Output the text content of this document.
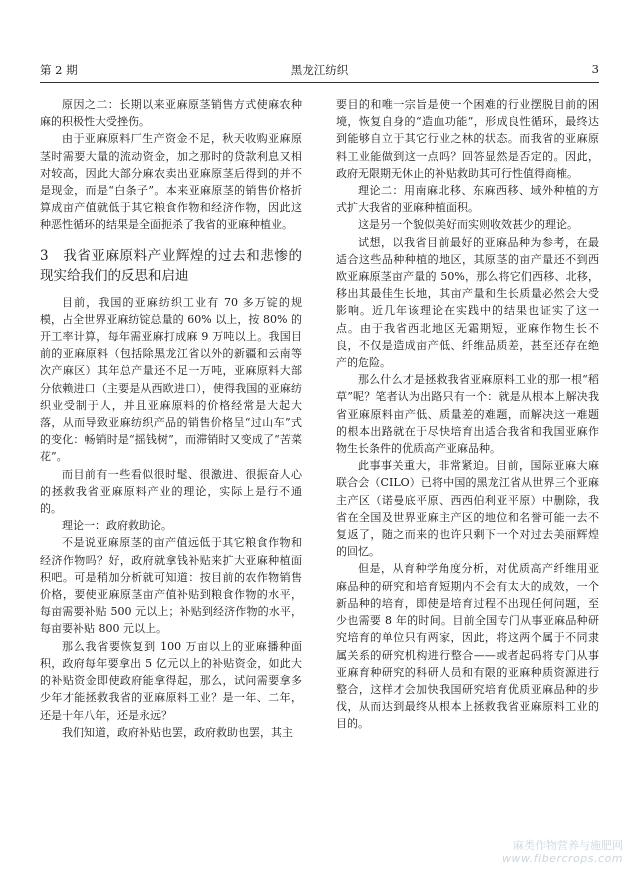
第 2 期	黑龙江纺织	3

原因之二：长期以来亚麻原茎销售方式使麻农种麻的积极性大受挫伤。

由于亚麻原料厂生产资金不足，秋天收购亚麻原茎时需要大量的流动资金，加之那时的贷款利息又相对较高，因此大部分麻农卖出亚麻原茎后得到的并不是现金，而是“白条子”。本来亚麻原茎的销售价格折算成亩产值就低于其它粮食作物和经济作物，因此这种恶性循环的结果是全面扼杀了我省的亚麻种植业。

3　我省亚麻原料产业辉煌的过去和悲惨的现实给我们的反思和启迪

目前，我国的亚麻纺织工业有 70 多万锭的规模，占全世界亚麻纺锭总量的 60% 以上，按 80% 的开工率计算，每年需亚麻打成麻 9 万吨以上。我国目前的亚麻原料（包括除黑龙江省以外的新疆和云南等次产麻区）其年总产量还不足一万吨，亚麻原料大部分依赖进口（主要是从西欧进口），使得我国的亚麻纺织业受制于人，并且亚麻原料的价格经常是大起大落，从而导致亚麻纺织产品的销售价格呈“过山车”式的变化：畅销时是“摇钱树”，而滞销时又变成了“苦菜花”。

而目前有一些看似很时髦、很激进、很振奋人心的拯救我省亚麻原料产业的理论，实际上是行不通的。

理论一：政府救助论。

不是说亚麻原茎的亩产值远低于其它粮食作物和经济作物吗？好，政府就拿钱补贴来扩大亚麻种植面积吧。可是稍加分析就可知道：按目前的农作物销售价格，要使亚麻原茎亩产值补贴到粮食作物的水平，每亩需要补贴 500 元以上；补贴到经济作物的水平，每亩要补贴 800 元以上。

那么我省要恢复到 100 万亩以上的亚麻播种面积，政府每年要拿出 5 亿元以上的补贴资金，如此大的补贴资金即使政府能拿得起，那么，试问需要拿多少年才能拯救我省的亚麻原料工业？是一年、二年，还是十年八年，还是永远？

我们知道，政府补贴也罢，政府救助也罢，其主

要目的和唯一宗旨是使一个困难的行业摆脱目前的困境，恢复自身的“造血功能”，形成良性循环，最终达到能够自立于其它行业之林的状态。而我省的亚麻原料工业能做到这一点吗？回答显然是否定的。因此，政府无限期无休止的补贴救助其可行性值得商榷。

理论二：用南麻北移、东麻西移、域外种植的方式扩大我省的亚麻种植面积。

这是另一个貌似美好而实则收效甚少的理论。

试想，以我省目前最好的亚麻品种为参考，在最适合这些品种种植的地区，其原茎的亩产量还不到西欧亚麻原茎亩产量的 50%，那么将它们西移、北移，移出其最佳生长地，其亩产量和生长质量必然会大受影响。近几年该理论在实践中的结果也证实了这一点。由于我省西北地区无霜期短，亚麻作物生长不良，不仅是造成亩产低、纤维品质差，甚至还存在绝产的危险。

那么什么才是拯救我省亚麻原料工业的那一根“稻草”呢？笔者认为出路只有一个：就是从根本上解决我省亚麻原料亩产低、质量差的难题，而解决这一难题的根本出路就在于尽快培育出适合我省和我国亚麻作物生长条件的优质高产亚麻品种。

此事事关重大，非常紧迫。目前，国际亚麻大麻联合会（CILO）已将中国的黑龙江省从世界三个亚麻主产区（诺曼底平原、西西伯利亚平原）中删除，我省在全国及世界亚麻主产区的地位和名誉可能一去不复返了，随之而来的也许只剩下一个对过去美丽辉煌的回忆。

但是，从育种学角度分析，对优质高产纤维用亚麻品种的研究和培育短期内不会有太大的成效，一个新品种的培育，即使是培育过程不出现任何问题，至少也需要 8 年的时间。目前全国专门从事亚麻品种研究培育的单位只有两家，因此，将这两个属于不同隶属关系的研究机构进行整合——或者起码将专门从事亚麻育种研究的科研人员和有限的亚麻种质资源进行整合，这样才会加快我国研究培育优质亚麻品种的步伐，从而达到最终从根本上拯救我省亚麻原料工业的目的。

麻类作物营养与施肥网
www.fibercrops.com
